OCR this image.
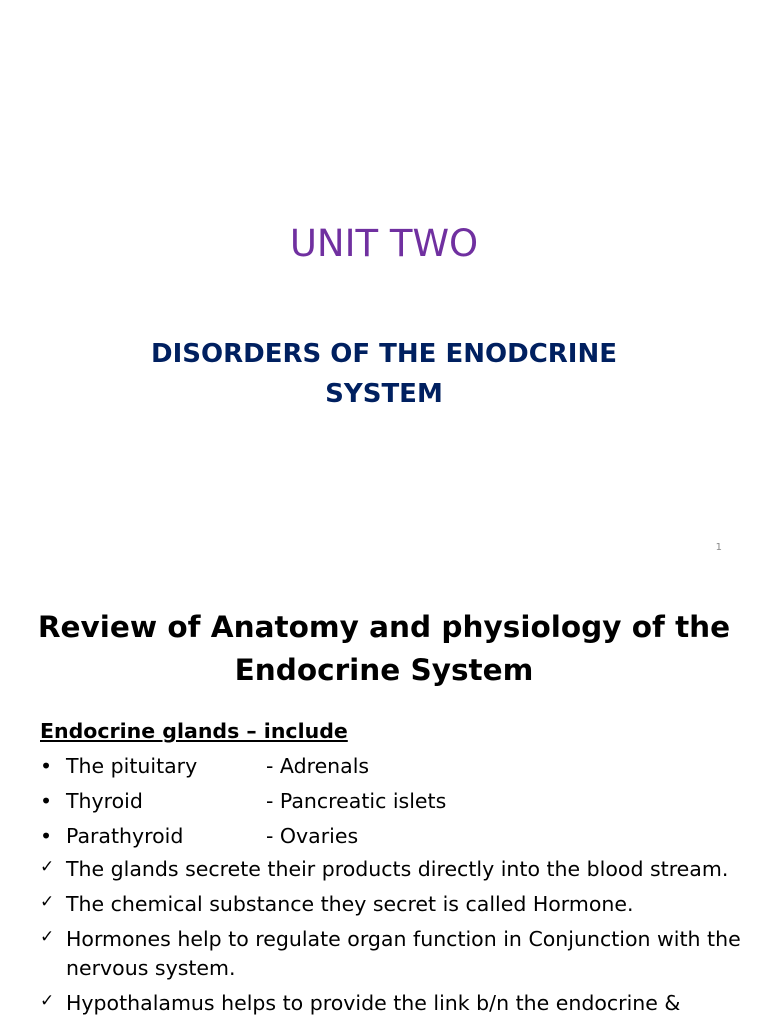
UNIT TWO
DISORDERS OF THE ENODCRINE
SYSTEM
1
Review of Anatomy and physiology of the
Endocrine System
Endocrine glands – include
• The pituitary	- Adrenals
• Thyroid	- Pancreatic islets
• Parathyroid	- Ovaries
✓ The glands secrete their products directly into the blood stream.
✓ The chemical substance they secret is called Hormone.
✓ Hormones help to regulate organ function in Conjunction with the nervous system.
✓ Hypothalamus helps to provide the link b/n the endocrine &
